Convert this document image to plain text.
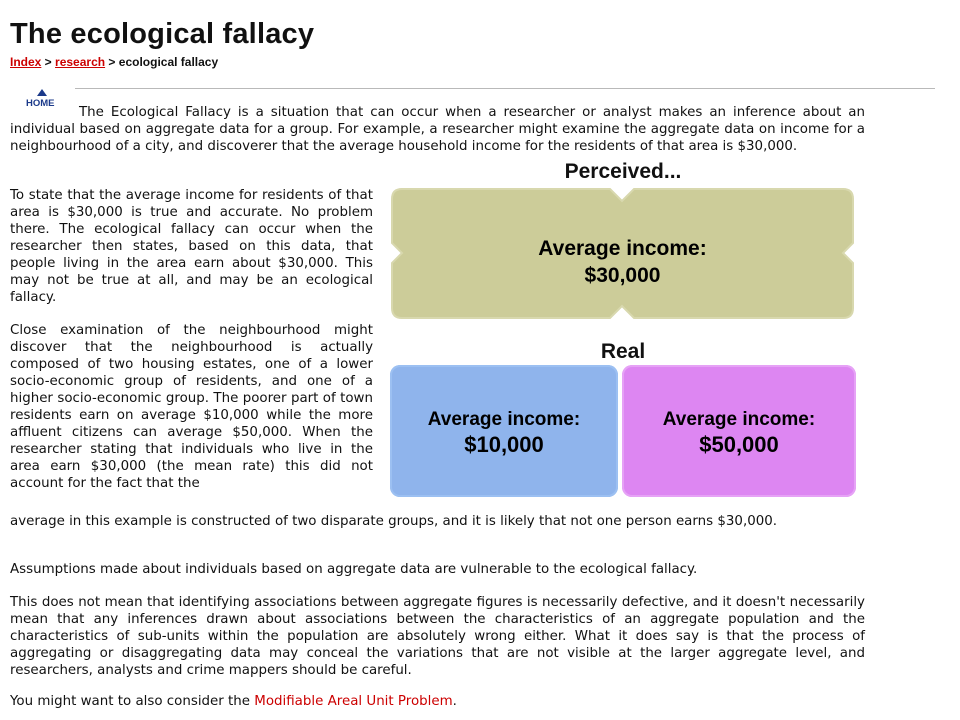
The ecological fallacy
Index > research > ecological fallacy
HOME
The Ecological Fallacy is a situation that can occur when a researcher or analyst makes an inference about an individual based on aggregate data for a group. For example, a researcher might examine the aggregate data on income for a neighbourhood of a city, and discoverer that the average household income for the residents of that area is $30,000.
To state that the average income for residents of that area is $30,000 is true and accurate. No problem there. The ecological fallacy can occur when the researcher then states, based on this data, that people living in the area earn about $30,000. This may not be true at all, and may be an ecological fallacy.
Close examination of the neighbourhood might discover that the neighbourhood is actually composed of two housing estates, one of a lower socio-economic group of residents, and one of a higher socio-economic group. The poorer part of town residents earn on average $10,000 while the more affluent citizens can average $50,000. When the researcher stating that individuals who live in the area earn $30,000 (the mean rate) this did not account for the fact that the
average in this example is constructed of two disparate groups, and it is likely that not one person earns $30,000.
Assumptions made about individuals based on aggregate data are vulnerable to the ecological fallacy.
This does not mean that identifying associations between aggregate figures is necessarily defective, and it doesn't necessarily mean that any inferences drawn about associations between the characteristics of an aggregate population and the characteristics of sub-units within the population are absolutely wrong either. What it does say is that the process of aggregating or disaggregating data may conceal the variations that are not visible at the larger aggregate level, and researchers, analysts and crime mappers should be careful.
You might want to also consider the Modifiable Areal Unit Problem.
Perceived...
Average income:
$30,000
Real
Average income:
$10,000
Average income:
$50,000
